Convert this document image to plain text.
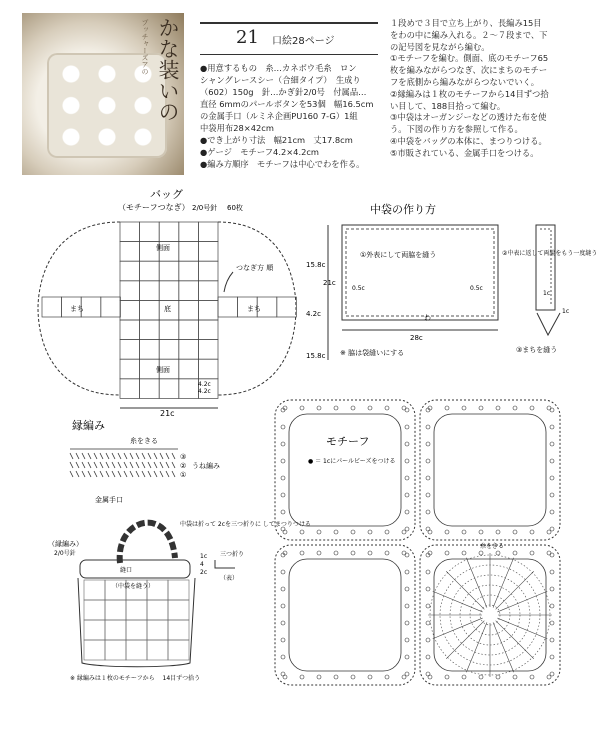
かな装いの
プッチャーズアの	21 口絵28ページ

●用意するもの　糸…カネボウ毛糸　ロン

シャングレースシー（合細タイプ）　生成り

（602）150g　針…かぎ針2/0号　付属品…

直径 6mmのパールボタンを53個　幅16.5cm

の金属手口（ルミネ企画PU160 7-G）1組

中袋用布28×42cm

●でき上がり寸法　幅21cm　丈17.8cm

●ゲージ　モチーフ4.2×4.2cm

●編み方順序　モチーフは中心でわを作る。

１段めで３目で立ち上がり、長編み15目

をわの中に編み入れる。２～７段まで、下

の記号図を見ながら編む。

①モチーフを編む。側面、底のモチーフ65

枚を編みながらつなぎ、次にまちのモチー

フを底側から編みながらつないでいく。

②縁編みは１枚のモチーフから14目ずつ拾

い目して、188目拾って編む。

③中袋はオーガンジーなどの透けた布を使

う。下図の作り方を参照して作る。

④中袋をバッグの本体に、まつりつける。

⑤市販されている、金属手口をつける。

バッグ
（モチーフつなぎ） 2/0号針 60枚
側面
底
側面
まち	まち
つなぎ方 順
4.2c
4.2c
21c
中袋の作り方
①外表にして両脇を縫う
15.8c
21c
4.2c
15.8c
0.5c	0.5c
わ
28c
※ 脇は袋縫いにする
②中表に返して両脇をもう一度縫う
1c
1c
③まちを縫う
縁編み
糸をきる
③
②
①
うね編み
金属手口
（縁編み）
2/0号針
縫口
（中袋を縫う）
中袋は折って 2cを三つ折りに してまつりつける
1c
4
2c
三つ折り
（表）
※ 縁編みは１枚のモチーフから 　14目ずつ拾う
モチーフ
● ＝ 1cにパールビーズをつける
糸をきる
